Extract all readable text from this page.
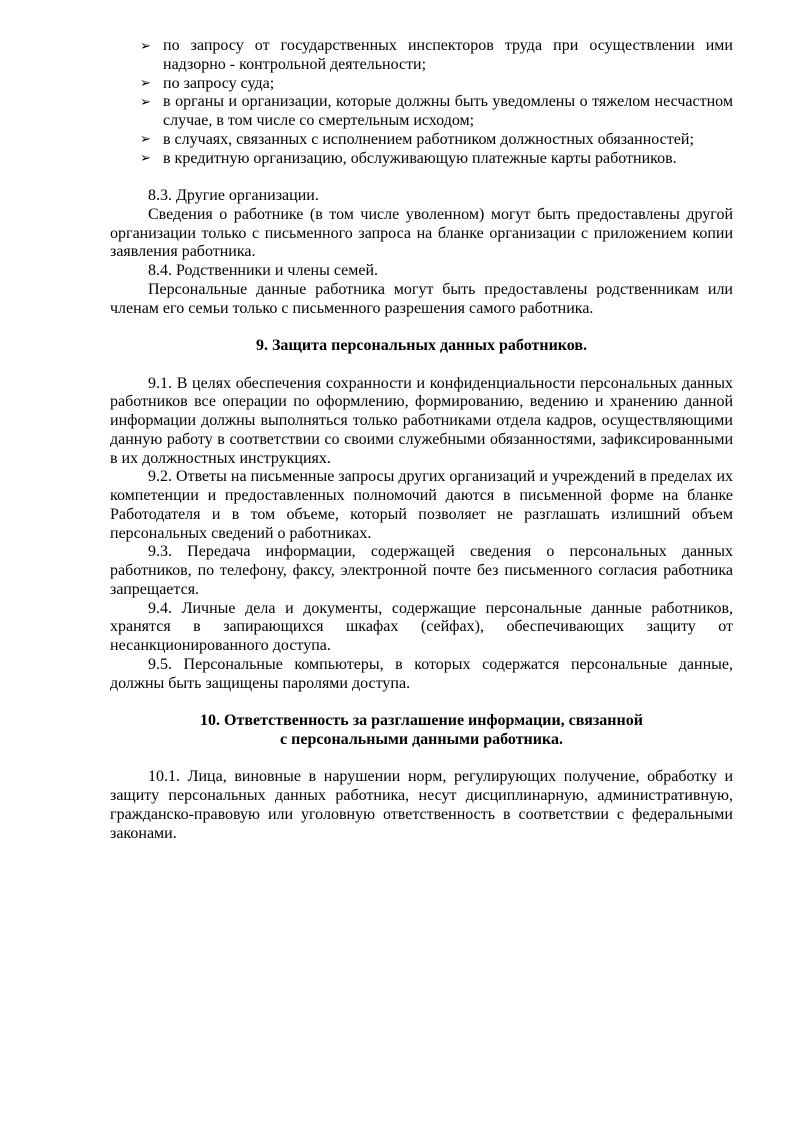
➢ по запросу от государственных инспекторов труда при осуществлении ими надзорно - контрольной деятельности;
➢ по запросу суда;
➢ в органы и организации, которые должны быть уведомлены о тяжелом несчастном случае, в том числе со смертельным исходом;
➢ в случаях, связанных с исполнением работником должностных обязанностей;
➢ в кредитную организацию, обслуживающую платежные карты работников.

8.3. Другие организации.

Сведения о работнике (в том числе уволенном) могут быть предоставлены другой организации только с письменного запроса на бланке организации с приложением копии заявления работника.

8.4. Родственники и члены семей.

Персональные данные работника могут быть предоставлены родственникам или членам его семьи только с письменного разрешения самого работника.

9. Защита персональных данных работников.

9.1. В целях обеспечения сохранности и конфиденциальности персональных данных работников все операции по оформлению, формированию, ведению и хранению данной информации должны выполняться только работниками отдела кадров, осуществляющими данную работу в соответствии со своими служебными обязанностями, зафиксированными в их должностных инструкциях.

9.2. Ответы на письменные запросы других организаций и учреждений в пределах их компетенции и предоставленных полномочий даются в письменной форме на бланке Работодателя и в том объеме, который позволяет не разглашать излишний объем персональных сведений о работниках.

9.3. Передача информации, содержащей сведения о персональных данных работников, по телефону, факсу, электронной почте без письменного согласия работника запрещается.

9.4. Личные дела и документы, содержащие персональные данные работников, хранятся в запирающихся шкафах (сейфах), обеспечивающих защиту от несанкционированного доступа.

9.5. Персональные компьютеры, в которых содержатся персональные данные, должны быть защищены паролями доступа.

10. Ответственность за разглашение информации, связанной
с персональными данными работника.

10.1. Лица, виновные в нарушении норм, регулирующих получение, обработку и защиту персональных данных работника, несут дисциплинарную, административную, гражданско-правовую или уголовную ответственность в соответствии с федеральными законами.
